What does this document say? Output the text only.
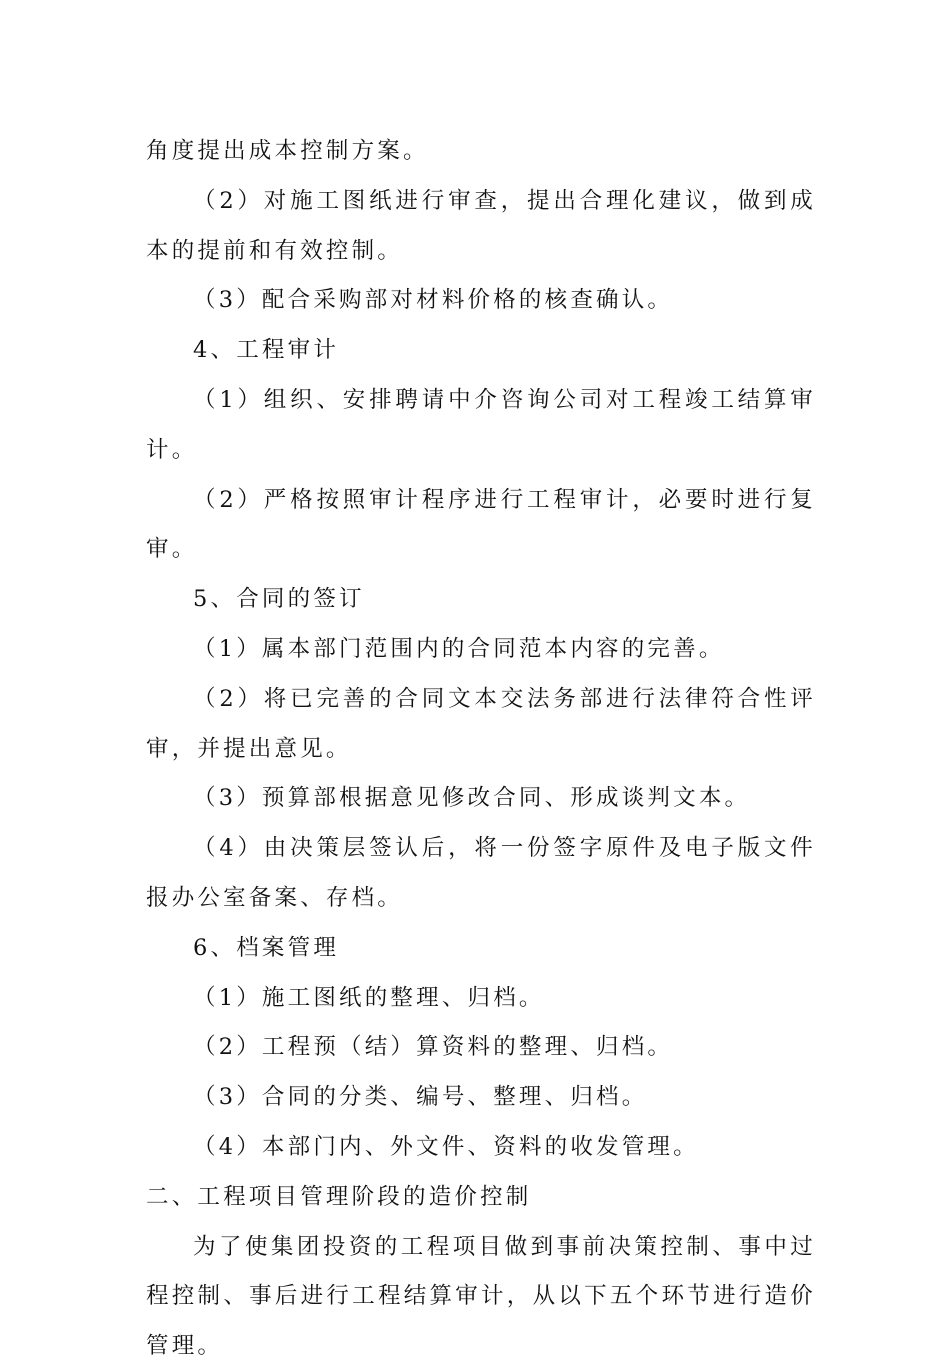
角度提出成本控制方案。

（2）对施工图纸进行审查，提出合理化建议，做到成本的提前和有效控制。

（3）配合采购部对材料价格的核查确认。

4、工程审计

（1）组织、安排聘请中介咨询公司对工程竣工结算审计。

（2）严格按照审计程序进行工程审计，必要时进行复审。

5、合同的签订

（1）属本部门范围内的合同范本内容的完善。

（2）将已完善的合同文本交法务部进行法律符合性评审，并提出意见。

（3）预算部根据意见修改合同、形成谈判文本。

（4）由决策层签认后，将一份签字原件及电子版文件报办公室备案、存档。

6、档案管理

（1）施工图纸的整理、归档。

（2）工程预（结）算资料的整理、归档。

（3）合同的分类、编号、整理、归档。

（4）本部门内、外文件、资料的收发管理。

二、工程项目管理阶段的造价控制

为了使集团投资的工程项目做到事前决策控制、事中过程控制、事后进行工程结算审计，从以下五个环节进行造价管理。
